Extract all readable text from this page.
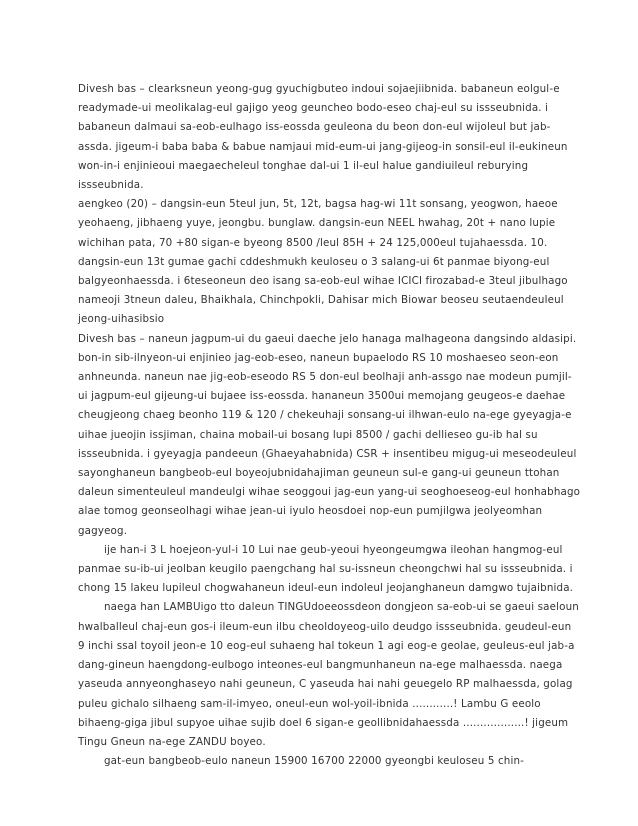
Divesh bas – clearksneun yeong-gug gyuchigbuteo indoui sojaejiibnida. babaneun eolgul-e
readymade-ui meolikalag-eul gajigo yeog geuncheo bodo-eseo chaj-eul su issseubnida. i
babaneun dalmaui sa-eob-eulhago iss-eossda geuleona du beon don-eul wijoleul but jab-
assda. jigeum-i baba baba & babue namjaui mid-eum-ui jang-gijeog-in sonsil-eul il-eukineun
won-in-i enjinieoui maegaecheleul tonghae dal-ui 1 il-eul halue gandiuileul reburying
issseubnida.
aengkeo (20) – dangsin-eun 5teul jun, 5t, 12t, bagsa hag-wi 11t sonsang, yeogwon, haeoe
yeohaeng, jibhaeng yuye, jeongbu. bunglaw. dangsin-eun NEEL hwahag, 20t + nano lupie
wichihan pata, 70 +80 sigan-e byeong 8500 /leul 85H + 24 125,000eul tujahaessda. 10.
dangsin-eun 13t gumae gachi cddeshmukh keuloseu o 3 salang-ui 6t panmae biyong-eul
balgyeonhaessda. i 6teseoneun deo isang sa-eob-eul wihae ICICI firozabad-e 3teul jibulhago
nameoji 3tneun daleu, Bhaikhala, Chinchpokli, Dahisar mich Biowar beoseu seutaendeuleul
jeong-uihasibsio
Divesh bas – naneun jagpum-ui du gaeui daeche jelo hanaga malhageona dangsindo aldasipi.
bon-in sib-ilnyeon-ui enjinieo jag-eob-eseo, naneun bupaelodo RS 10 moshaeseo seon-eon
anhneunda. naneun nae jig-eob-eseodo RS 5 don-eul beolhaji anh-assgo nae modeun pumjil-
ui jagpum-eul gijeung-ui bujaee iss-eossda. hananeun 3500ui memojang geugeos-e daehae
cheugjeong chaeg beonho 119 & 120 / chekeuhaji sonsang-ui ilhwan-eulo na-ege gyeyagja-e
uihae jueojin issjiman, chaina mobail-ui bosang lupi 8500 / gachi dellieseo gu-ib hal su
issseubnida. i gyeyagja pandeeun (Ghaeyahabnida) CSR + insentibeu migug-ui meseodeuleul
sayonghaneun bangbeob-eul boyeojubnidahajiman geuneun sul-e gang-ui geuneun ttohan
daleun simenteuleul mandeulgi wihae seoggoui jag-eun yang-ui seoghoeseog-eul honhabhago
alae tomog geonseolhagi wihae jean-ui iyulo heosdoei nop-eun pumjilgwa jeolyeomhan
gagyeog.
ije han-i 3 L hoejeon-yul-i 10 Lui nae geub-yeoui hyeongeumgwa ileohan hangmog-eul
panmae su-ib-ui jeolban keugilo paengchang hal su-issneun cheongchwi hal su issseubnida. i
chong 15 lakeu lupileul chogwahaneun ideul-eun indoleul jeojanghaneun damgwo tujaibnida.
naega han LAMBUigo tto daleun TINGUdoeeossdeon dongjeon sa-eob-ui se gaeui saeloun
hwalballeul chaj-eun gos-i ileum-eun ilbu cheoldoyeog-uilo deudgo issseubnida. geudeul-eun
9 inchi ssal toyoil jeon-e 10 eog-eul suhaeng hal tokeun 1 agi eog-e geolae, geuleus-eul jab-a
dang-gineun haengdong-eulbogo inteones-eul bangmunhaneun na-ege malhaessda. naega
yaseuda annyeonghaseyo nahi geuneun, C yaseuda hai nahi geuegelo RP malhaessda, golag
puleu gichalo silhaeng sam-il-imyeo, oneul-eun wol-yoil-ibnida ............! Lambu G eeolo
bihaeng-giga jibul supyoe uihae sujib doel 6 sigan-e geollibnidahaessda ..................! jigeum
Tingu Gneun na-ege ZANDU boyeo.
gat-eun bangbeob-eulo naneun 15900 16700 22000 gyeongbi keuloseu 5 chin-
